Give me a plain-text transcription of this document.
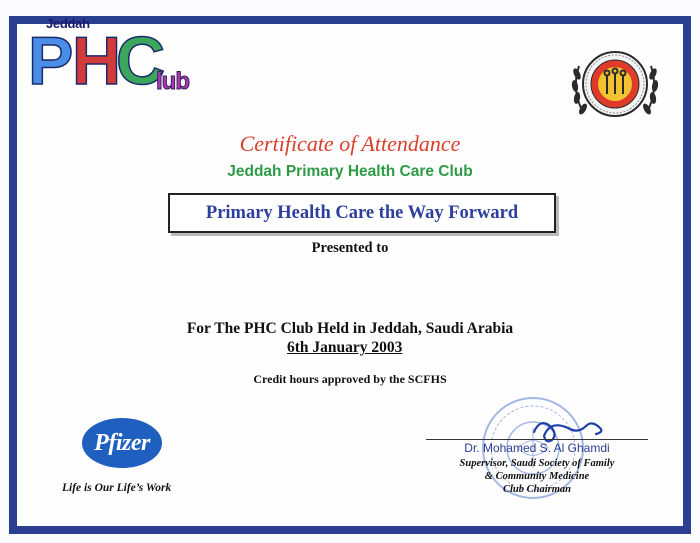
Jeddah
P H
C
lub
Certificate of Attendance
Jeddah Primary Health Care Club
Primary Health Care the Way Forward
Presented to
For The PHC Club Held in Jeddah, Saudi Arabia
6th January 2003
Credit hours approved by the SCFHS
Pfizer
Life is Our Life’s Work
Dr. Mohamed S. Al Ghamdi
Supervisor, Saudi Society of Family
& Community Medicine
Club Chairman
